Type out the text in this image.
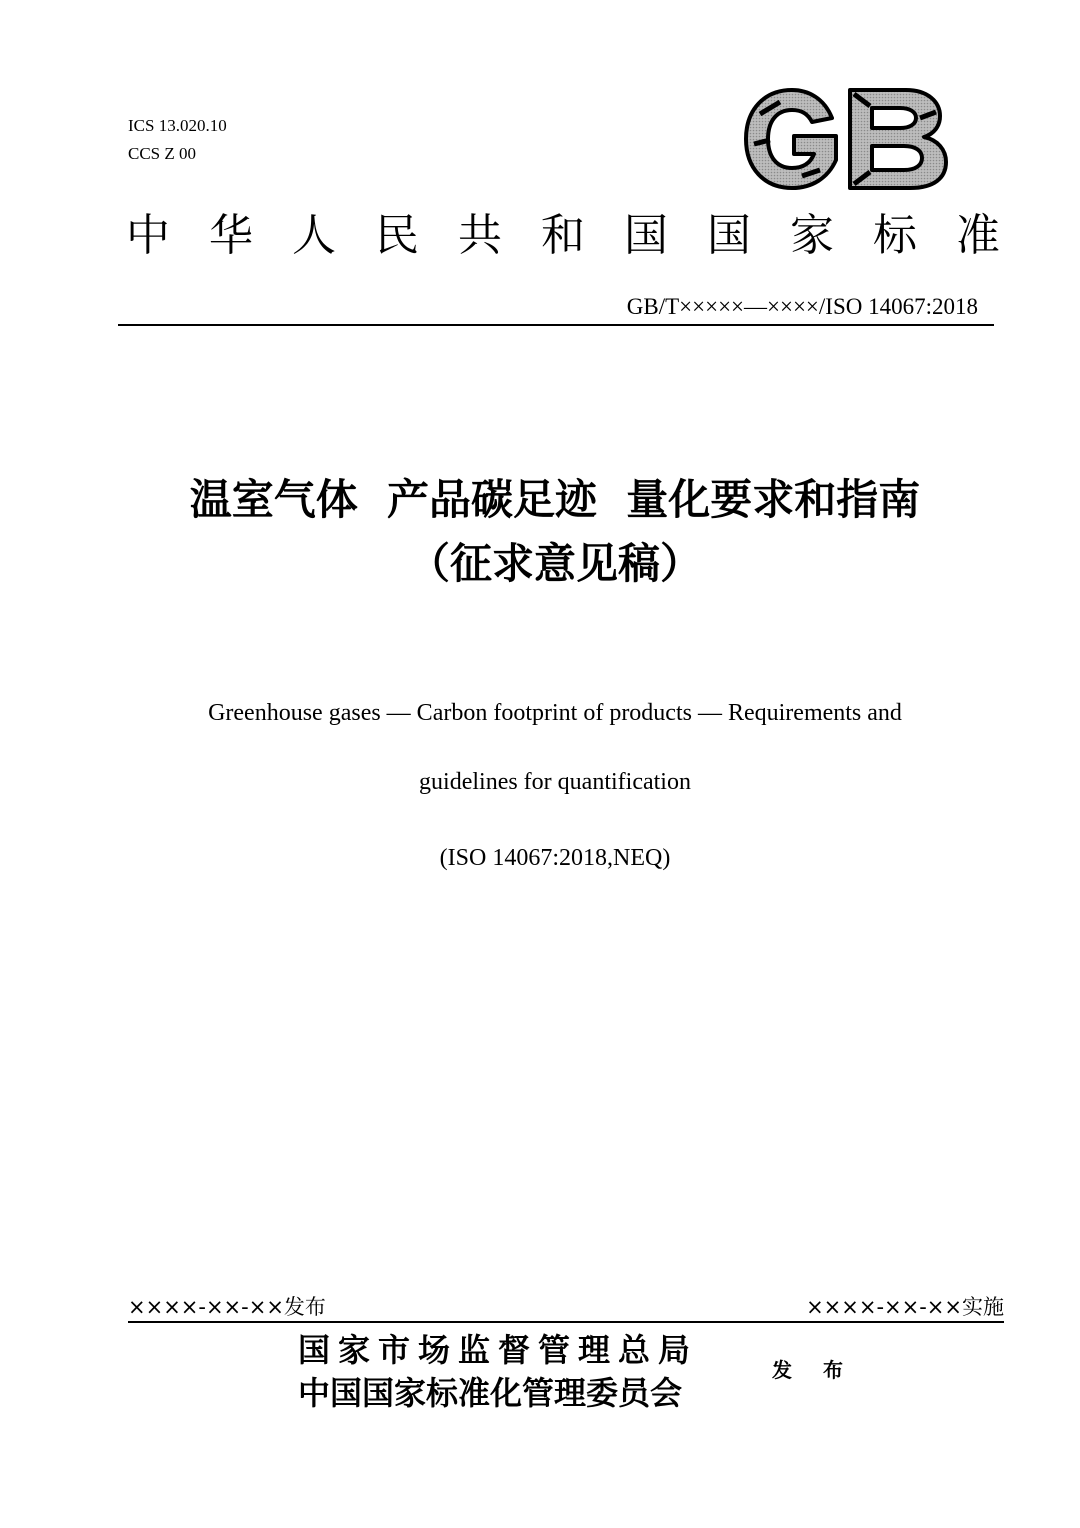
ICS 13.020.10
CCS Z 00
中 华 人 民 共 和 国 国 家 标 准
GB/T×××××—××××/ISO 14067:2018
温室气体  产品碳足迹  量化要求和指南
（征求意见稿）
Greenhouse gases — Carbon footprint of products — Requirements and
guidelines for quantification
(ISO 14067:2018,NEQ)
××××-××-××发布	××××-××-××实施
国家市场监督管理总局
中国国家标准化管理委员会
发 布
